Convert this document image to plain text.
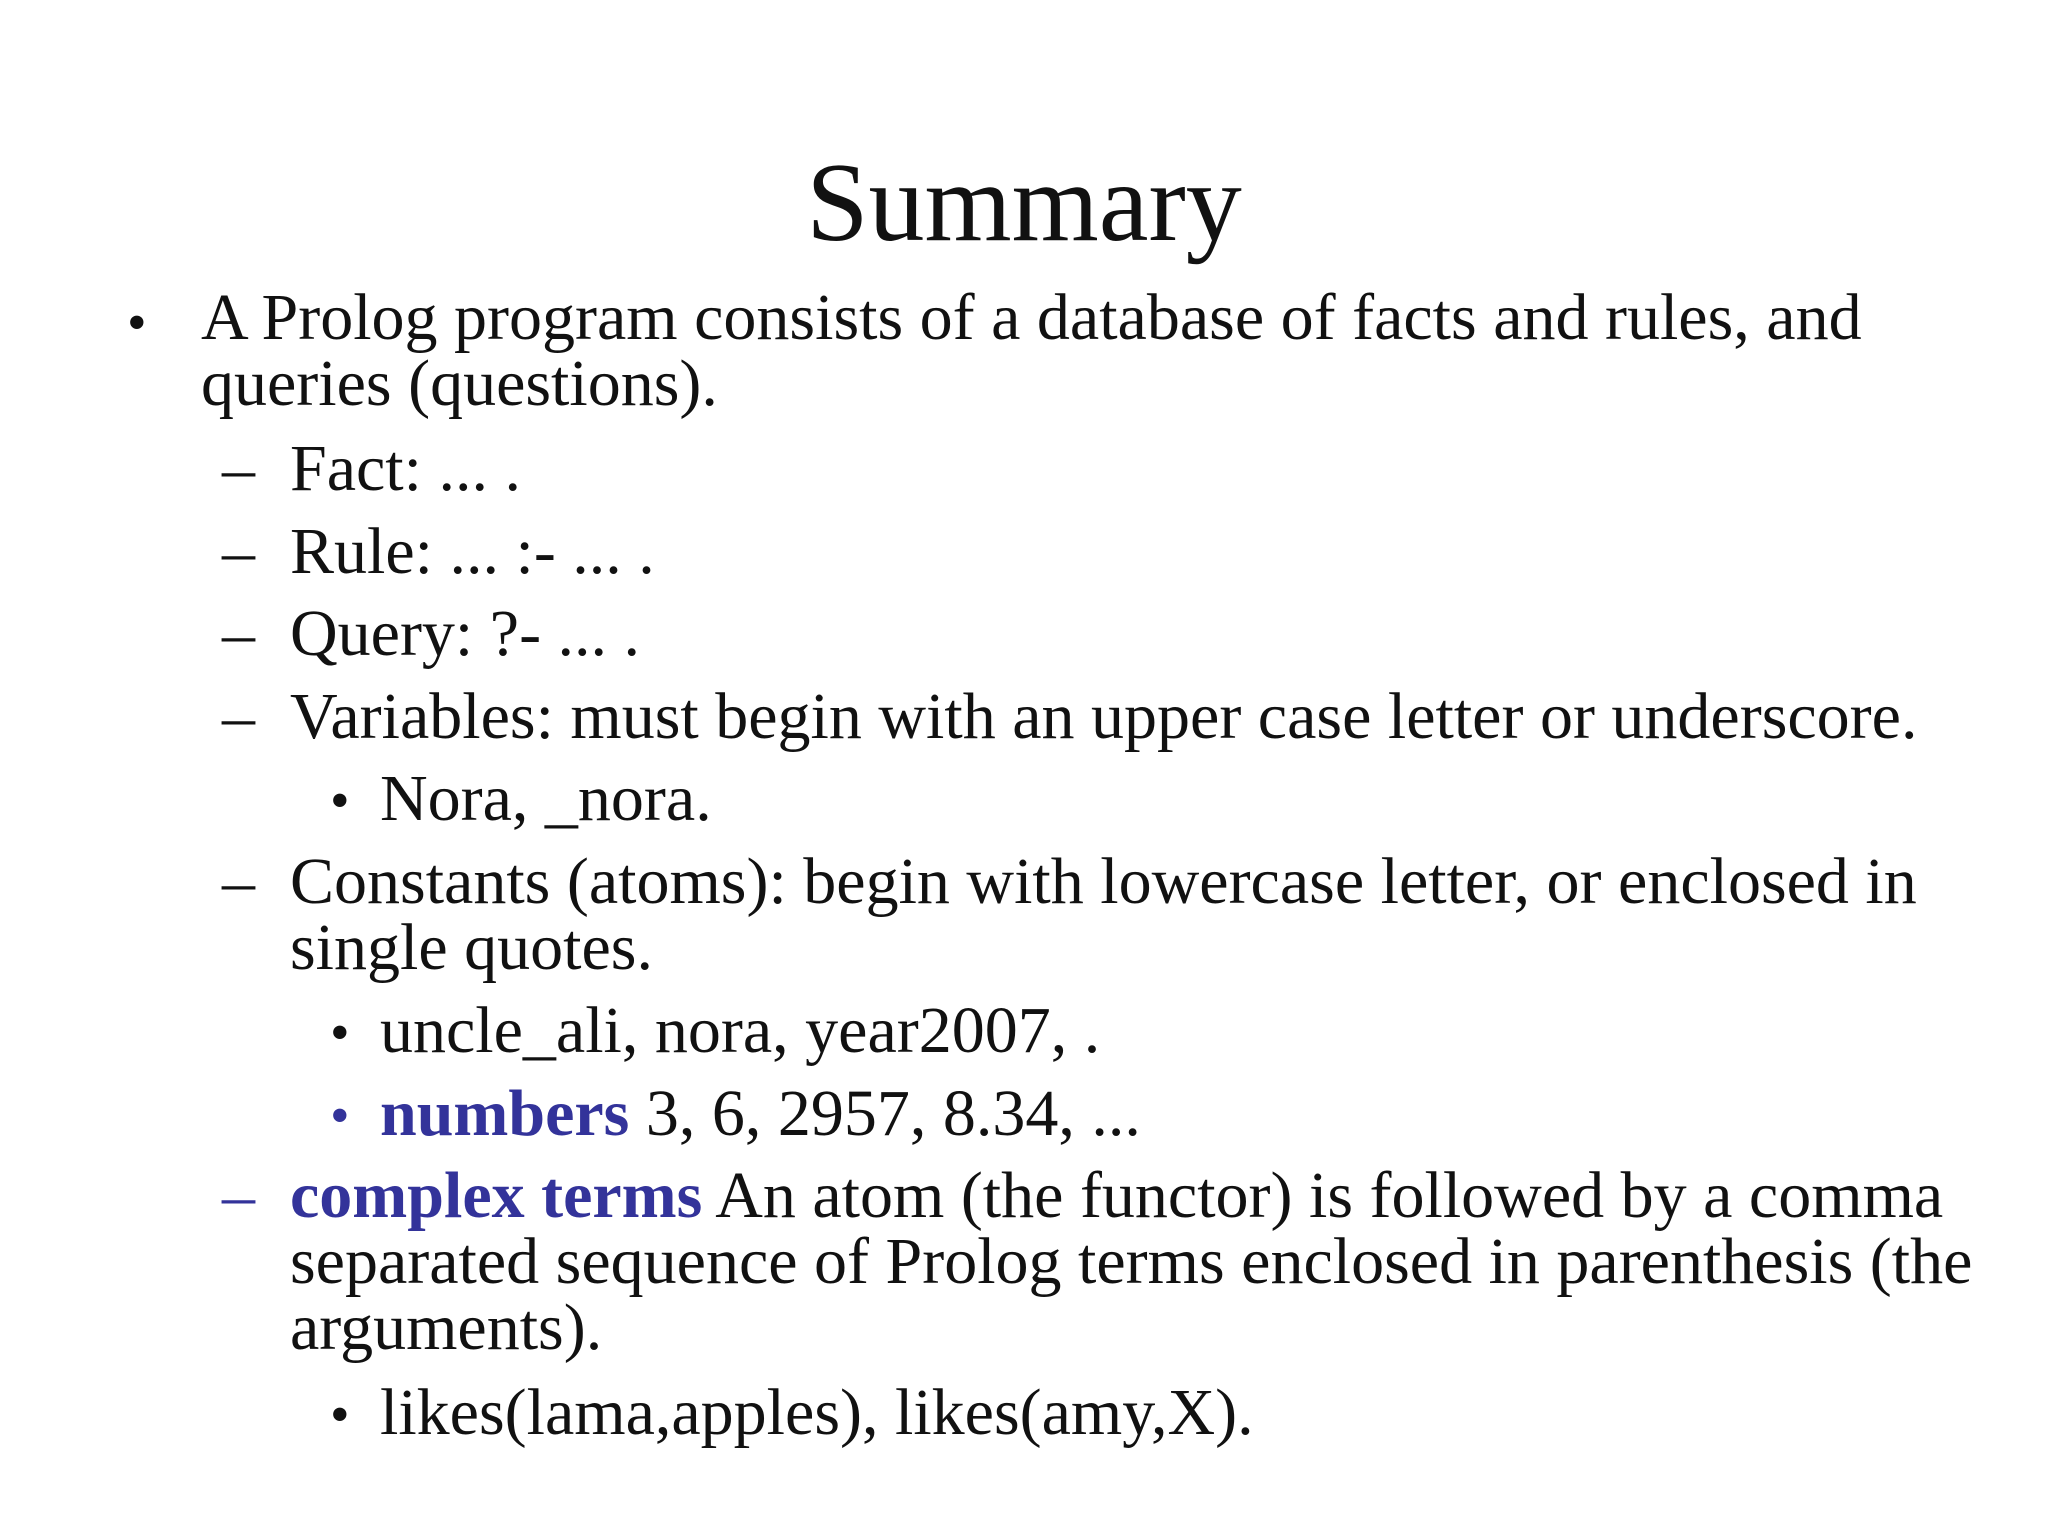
Summary
• A Prolog program consists of a database of facts and rules, and
queries (questions).
– Fact: ... .
– Rule: ... :- ... .
– Query: ?- ... .
– Variables: must begin with an upper case letter or underscore.
• Nora, _nora.
– Constants (atoms): begin with lowercase letter, or enclosed in
single quotes.
• uncle_ali, nora, year2007, .
• numbers 3, 6, 2957, 8.34, ...
– complex terms An atom (the functor) is followed by a comma
separated sequence of Prolog terms enclosed in parenthesis (the
arguments).
• likes(lama,apples), likes(amy,X).
